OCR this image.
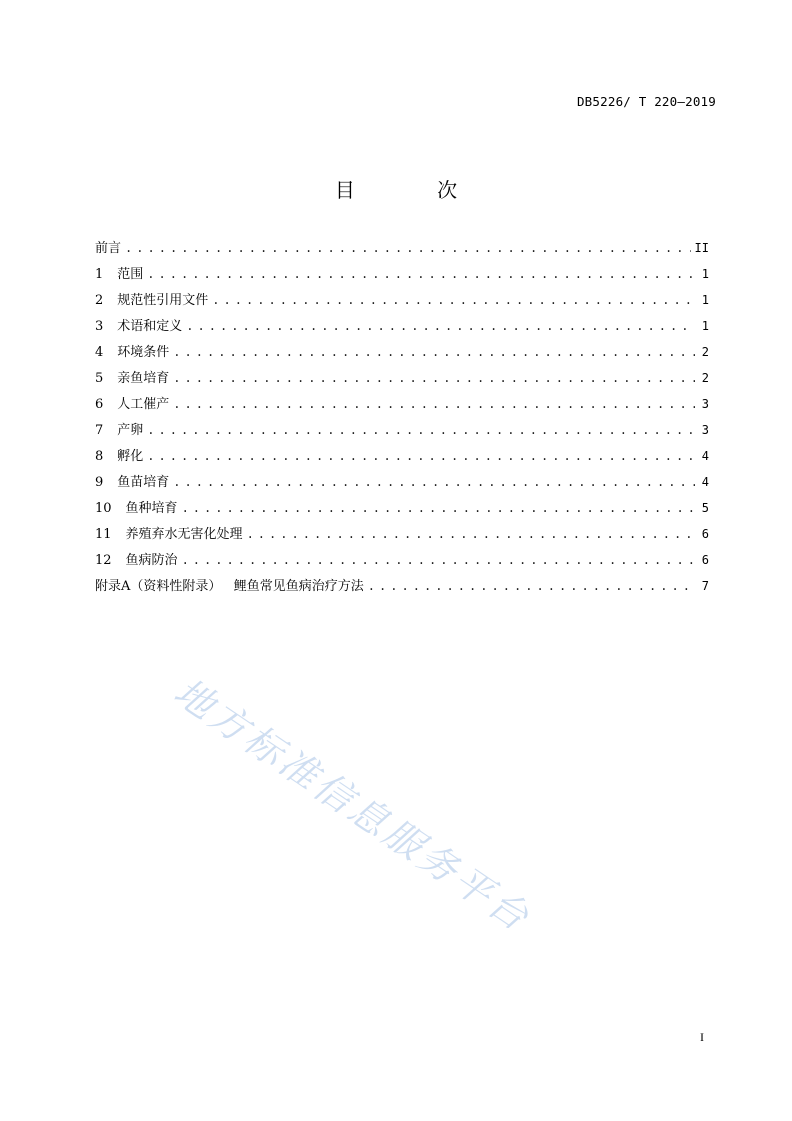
DB5226/ T 220—2019
目 次
前言 . . .	II
1	范围 . . .	1
2	规范性引用文件 . . .	1
3	术语和定义 . . .	1
4	环境条件 . . .	2
5	亲鱼培育 . . .	2
6	人工催产 . . .	3
7	产卵 . . .	3
8	孵化 . . .	4
9	鱼苗培育 . . .	4
10	鱼种培育 . . .	5
11	养殖弃水无害化处理 . . .	6
12	鱼病防治 . . .	6
附录A（资料性附录）   鲤鱼常见鱼病治疗方法 . . .	7
地方标准信息服务平台
I
